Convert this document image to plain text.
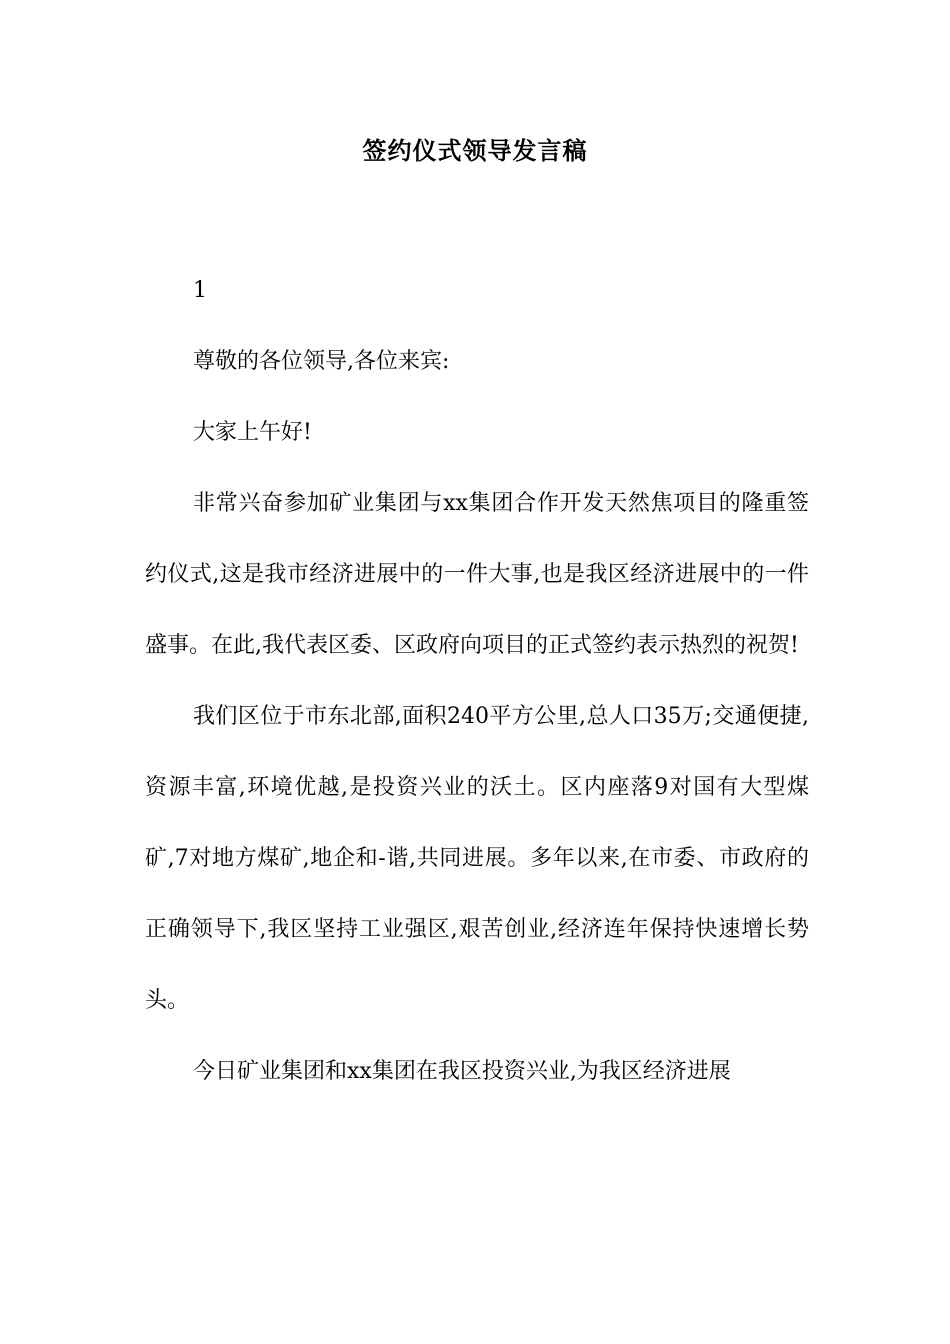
签约仪式领导发言稿

1

尊敬的各位领导,各位来宾:

大家上午好!

非常兴奋参加矿业集团与xx集团合作开发天然焦项目的隆重签约仪式,这是我市经济进展中的一件大事,也是我区经济进展中的一件盛事。在此,我代表区委、区政府向项目的正式签约表示热烈的祝贺!

我们区位于市东北部,面积240平方公里,总人口35万;交通便捷,资源丰富,环境优越,是投资兴业的沃土。区内座落9对国有大型煤矿,7对地方煤矿,地企和-谐,共同进展。多年以来,在市委、市政府的正确领导下,我区坚持工业强区,艰苦创业,经济连年保持快速增长势头。

今日矿业集团和xx集团在我区投资兴业,为我区经济进展
